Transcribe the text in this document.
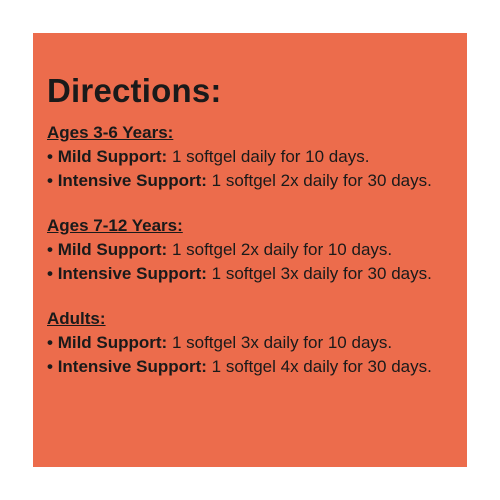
Directions:
Ages 3-6 Years:
• Mild Support: 1 softgel daily for 10 days.
• Intensive Support: 1 softgel 2x daily for 30 days.
Ages 7-12 Years:
• Mild Support: 1 softgel 2x daily for 10 days.
• Intensive Support: 1 softgel 3x daily for 30 days.
Adults:
• Mild Support: 1 softgel 3x daily for 10 days.
• Intensive Support: 1 softgel 4x daily for 30 days.
